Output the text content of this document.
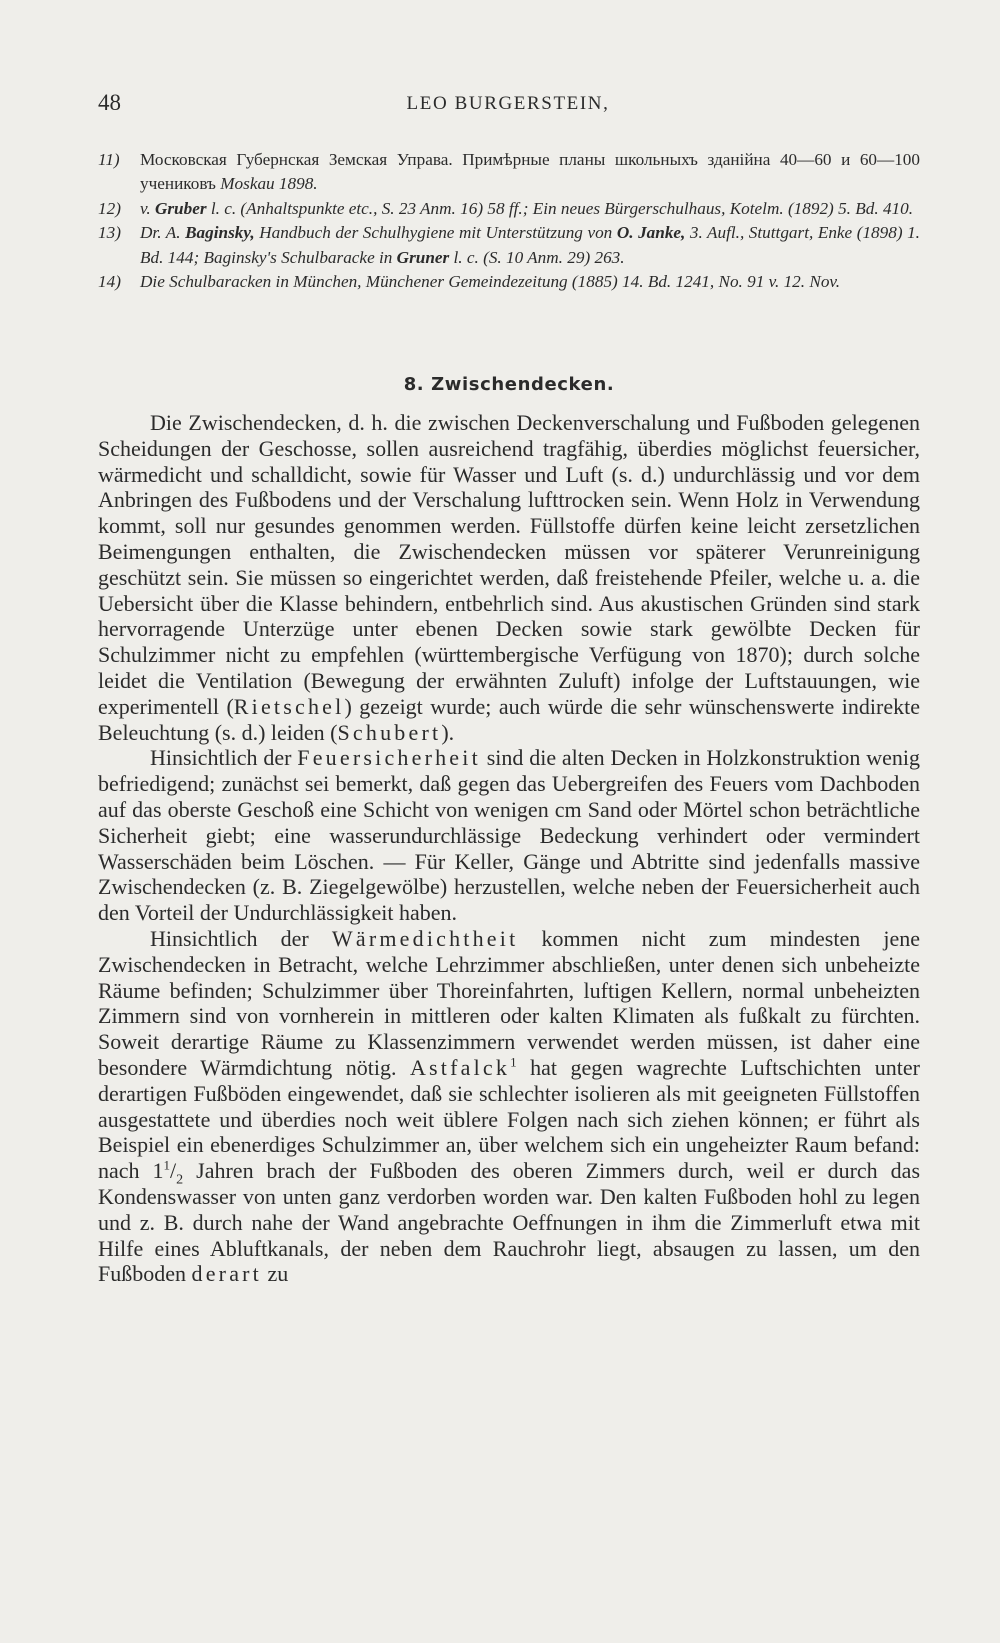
48	LEO BURGERSTEIN,

11) Московская Губернская Земская Управа. Примѣрные планы школьныхъ зданійна 40—60 и 60—100 учениковъ Moskau 1898.

12) v. Gruber l. c. (Anhaltspunkte etc., S. 23 Anm. 16) 58 ff.; Ein neues Bürgerschulhaus, Kotelm. (1892) 5. Bd. 410.

13) Dr. A. Baginsky, Handbuch der Schulhygiene mit Unterstützung von O. Janke, 3. Aufl., Stuttgart, Enke (1898) 1. Bd. 144; Baginsky's Schulbaracke in Gruner l. c. (S. 10 Anm. 29) 263.

14) Die Schulbaracken in München, Münchener Gemeindezeitung (1885) 14. Bd. 1241, No. 91 v. 12. Nov.

8. Zwischendecken.

Die Zwischendecken, d. h. die zwischen Deckenverschalung und Fußboden gelegenen Scheidungen der Geschosse, sollen ausreichend tragfähig, überdies möglichst feuersicher, wärmedicht und schalldicht, sowie für Wasser und Luft (s. d.) undurchlässig und vor dem Anbringen des Fußbodens und der Verschalung lufttrocken sein. Wenn Holz in Verwendung kommt, soll nur gesundes genommen werden. Füllstoffe dürfen keine leicht zersetzlichen Beimengungen enthalten, die Zwischendecken müssen vor späterer Verunreinigung geschützt sein. Sie müssen so eingerichtet werden, daß freistehende Pfeiler, welche u. a. die Uebersicht über die Klasse behindern, entbehrlich sind. Aus akustischen Gründen sind stark hervorragende Unterzüge unter ebenen Decken sowie stark gewölbte Decken für Schulzimmer nicht zu empfehlen (württembergische Verfügung von 1870); durch solche leidet die Ventilation (Bewegung der erwähnten Zuluft) infolge der Luftstauungen, wie experimentell (Rietschel) gezeigt wurde; auch würde die sehr wünschenswerte indirekte Beleuchtung (s. d.) leiden (Schubert).

Hinsichtlich der Feuersicherheit sind die alten Decken in Holzkonstruktion wenig befriedigend; zunächst sei bemerkt, daß gegen das Uebergreifen des Feuers vom Dachboden auf das oberste Geschoß eine Schicht von wenigen cm Sand oder Mörtel schon beträchtliche Sicherheit giebt; eine wasserundurchlässige Bedeckung verhindert oder vermindert Wasserschäden beim Löschen. — Für Keller, Gänge und Abtritte sind jedenfalls massive Zwischendecken (z. B. Ziegelgewölbe) herzustellen, welche neben der Feuersicherheit auch den Vorteil der Undurchlässigkeit haben.

Hinsichtlich der Wärmedichtheit kommen nicht zum mindesten jene Zwischendecken in Betracht, welche Lehrzimmer abschließen, unter denen sich unbeheizte Räume befinden; Schulzimmer über Thoreinfahrten, luftigen Kellern, normal unbeheizten Zimmern sind von vornherein in mittleren oder kalten Klimaten als fußkalt zu fürchten. Soweit derartige Räume zu Klassenzimmern verwendet werden müssen, ist daher eine besondere Wärmdichtung nötig. Astfalck$^1$ hat gegen wagrechte Luftschichten unter derartigen Fußböden eingewendet, daß sie schlechter isolieren als mit geeigneten Füllstoffen ausgestattete und überdies noch weit üblere Folgen nach sich ziehen können; er führt als Beispiel ein ebenerdiges Schulzimmer an, über welchem sich ein ungeheizter Raum befand: nach $1^1/_2$ Jahren brach der Fußboden des oberen Zimmers durch, weil er durch das Kondenswasser von unten ganz verdorben worden war. Den kalten Fußboden hohl zu legen und z. B. durch nahe der Wand angebrachte Oeffnungen in ihm die Zimmerluft etwa mit Hilfe eines Abluftkanals, der neben dem Rauchrohr liegt, absaugen zu lassen, um den Fußboden derart zu
